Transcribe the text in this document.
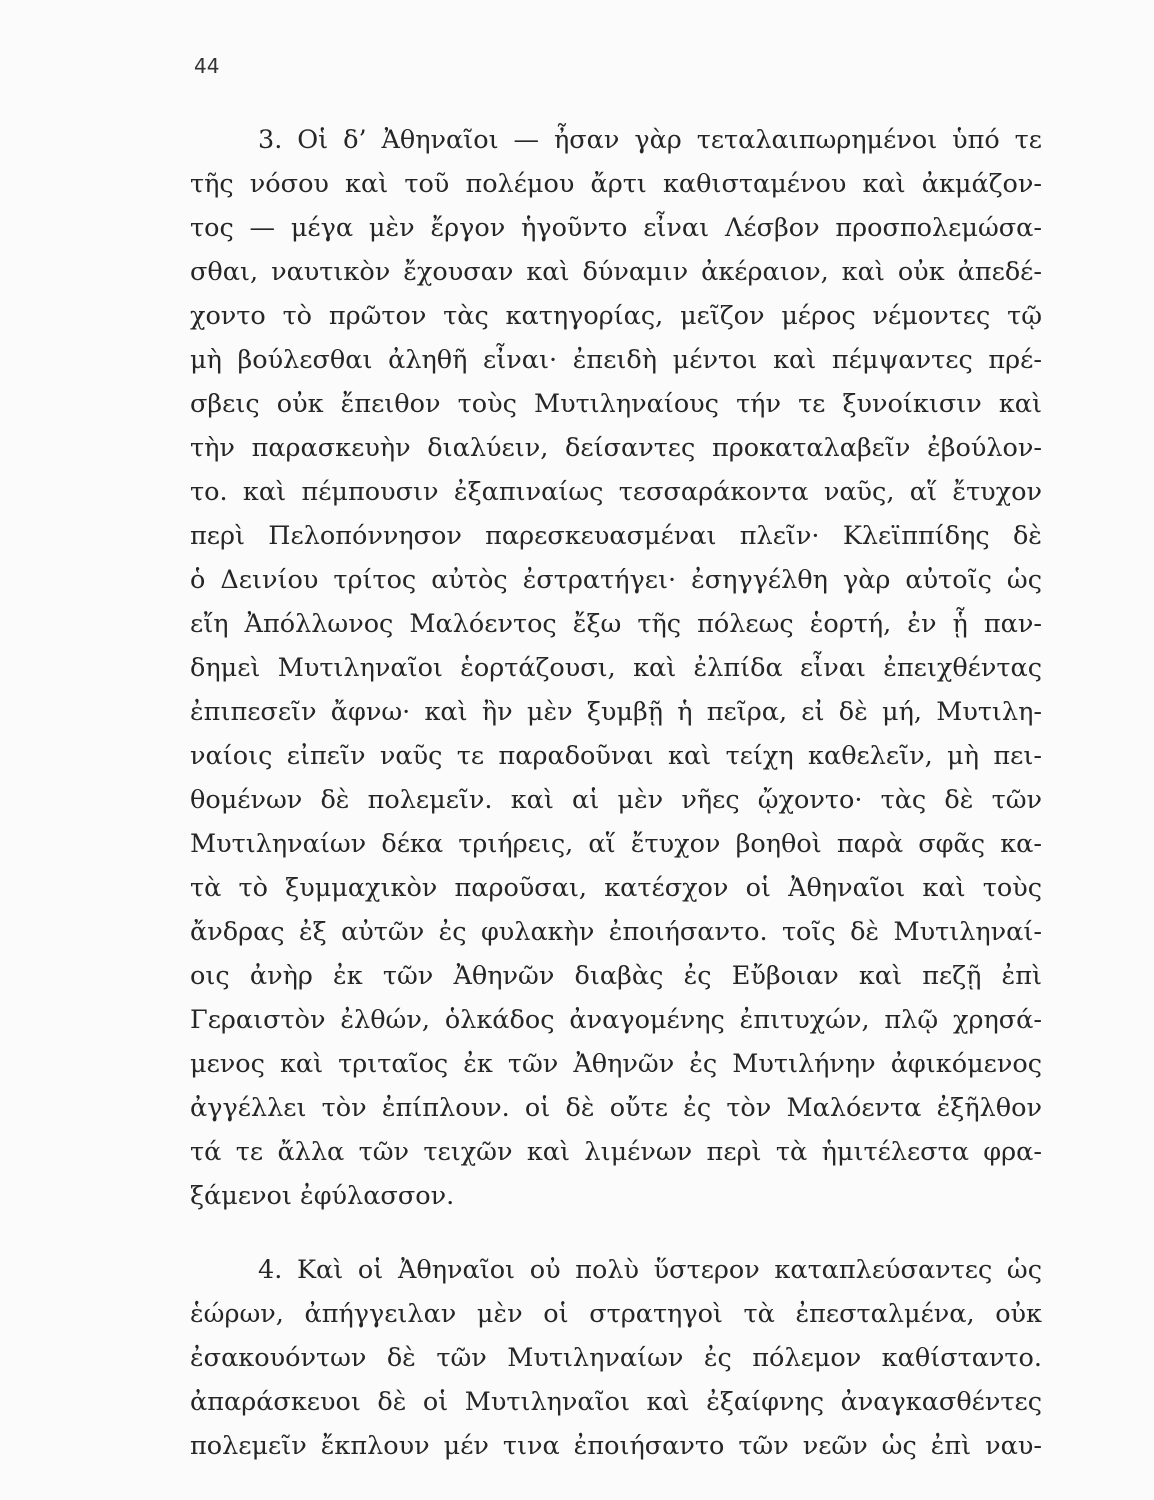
44
3. Οἱ δ’ Ἀθηναῖοι — ἦσαν γὰρ τεταλαιπωρημένοι ὑπό τε
τῆς νόσου καὶ τοῦ πολέμου ἄρτι καθισταμένου καὶ ἀκμάζον-
τος — μέγα μὲν ἔργον ἡγοῦντο εἶναι Λέσβον προσπολεμώσα-
σθαι, ναυτικὸν ἔχουσαν καὶ δύναμιν ἀκέραιον, καὶ οὐκ ἀπεδέ-
χοντο τὸ πρῶτον τὰς κατηγορίας, μεῖζον μέρος νέμοντες τῷ
μὴ βούλεσθαι ἀληθῆ εἶναι· ἐπειδὴ μέντοι καὶ πέμψαντες πρέ-
σβεις οὐκ ἔπειθον τοὺς Μυτιληναίους τήν τε ξυνοίκισιν καὶ
τὴν παρασκευὴν διαλύειν, δείσαντες προκαταλαβεῖν ἐβούλον-
το. καὶ πέμπουσιν ἐξαπιναίως τεσσαράκοντα ναῦς, αἵ ἔτυχον
περὶ Πελοπόννησον παρεσκευασμέναι πλεῖν· Κλεϊππίδης δὲ
ὁ Δεινίου τρίτος αὐτὸς ἐστρατήγει· ἐσηγγέλθη γὰρ αὐτοῖς ὡς
εἴη Ἀπόλλωνος Μαλόεντος ἔξω τῆς πόλεως ἑορτή, ἐν ᾗ παν-
δημεὶ Μυτιληναῖοι ἑορτάζουσι, καὶ ἐλπίδα εἶναι ἐπειχθέντας
ἐπιπεσεῖν ἄφνω· καὶ ἢν μὲν ξυμβῇ ἡ πεῖρα, εἰ δὲ μή, Μυτιλη-
ναίοις εἰπεῖν ναῦς τε παραδοῦναι καὶ τείχη καθελεῖν, μὴ πει-
θομένων δὲ πολεμεῖν. καὶ αἱ μὲν νῆες ᾤχοντο· τὰς δὲ τῶν
Μυτιληναίων δέκα τριήρεις, αἵ ἔτυχον βοηθοὶ παρὰ σφᾶς κα-
τὰ τὸ ξυμμαχικὸν παροῦσαι, κατέσχον οἱ Ἀθηναῖοι καὶ τοὺς
ἄνδρας ἐξ αὐτῶν ἐς φυλακὴν ἐποιήσαντο. τοῖς δὲ Μυτιληναί-
οις ἀνὴρ ἐκ τῶν Ἀθηνῶν διαβὰς ἐς Εὔβοιαν καὶ πεζῇ ἐπὶ
Γεραιστὸν ἐλθών, ὁλκάδος ἀναγομένης ἐπιτυχών, πλῷ χρησά-
μενος καὶ τριταῖος ἐκ τῶν Ἀθηνῶν ἐς Μυτιλήνην ἀφικόμενος
ἀγγέλλει τὸν ἐπίπλουν. οἱ δὲ οὔτε ἐς τὸν Μαλόεντα ἐξῆλθον
τά τε ἄλλα τῶν τειχῶν καὶ λιμένων περὶ τὰ ἡμιτέλεστα φρα-
ξάμενοι ἐφύλασσον.
4. Καὶ οἱ Ἀθηναῖοι οὐ πολὺ ὕστερον καταπλεύσαντες ὡς
ἑώρων, ἀπήγγειλαν μὲν οἱ στρατηγοὶ τὰ ἐπεσταλμένα, οὐκ
ἐσακουόντων δὲ τῶν Μυτιληναίων ἐς πόλεμον καθίσταντο.
ἀπαράσκευοι δὲ οἱ Μυτιληναῖοι καὶ ἐξαίφνης ἀναγκασθέντες
πολεμεῖν ἔκπλουν μέν τινα ἐποιήσαντο τῶν νεῶν ὡς ἐπὶ ναυ-
